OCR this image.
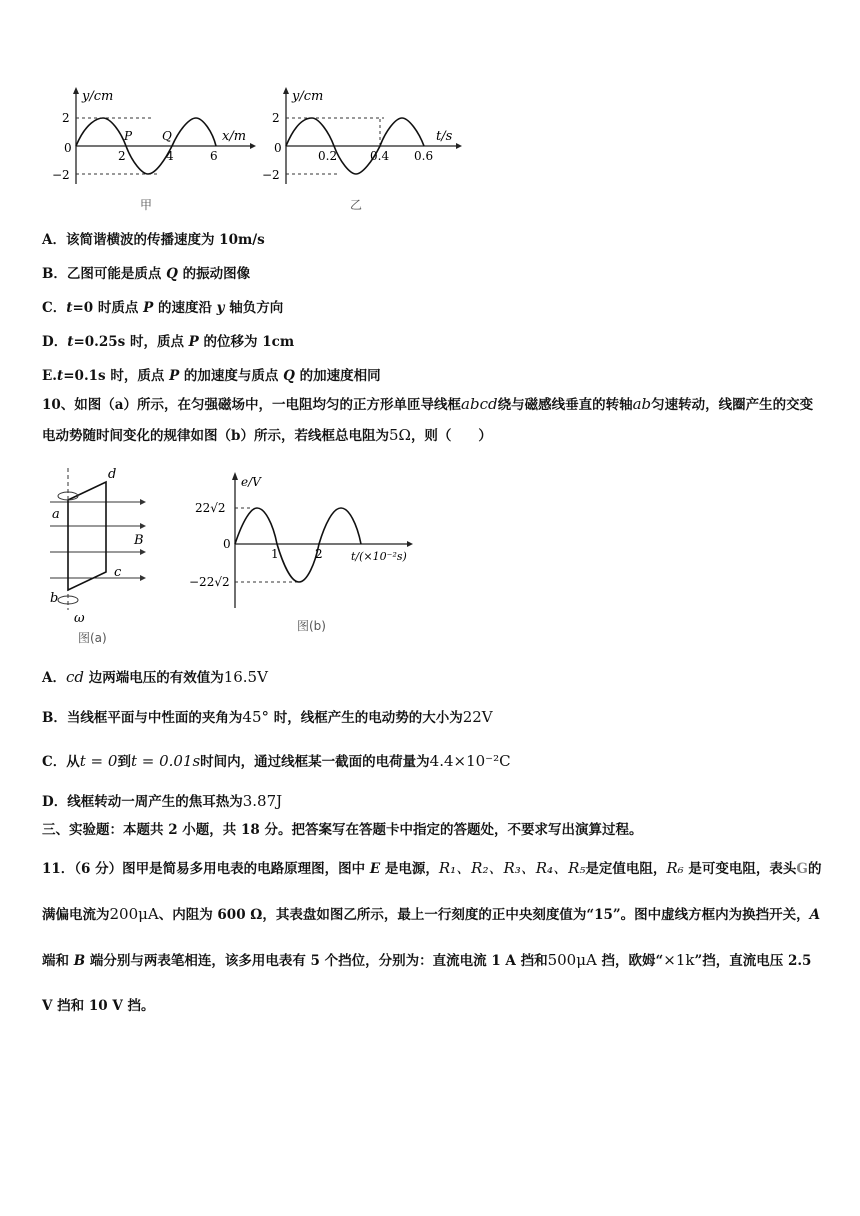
y/cm
x/m
2
0
−2
2	4	6
P Q
甲
y/cm
t/s
2
0
−2
0.2	0.4 0.6
乙
A．该简谐横波的传播速度为 10m/s
B．乙图可能是质点 Q 的振动图像
C．t=0 时质点 P 的速度沿 y 轴负方向
D．t=0.25s 时，质点 P 的位移为 1cm
E.t=0.1s 时，质点 P 的加速度与质点 Q 的加速度相同
10、如图（a）所示，在匀强磁场中，一电阻均匀的正方形单匝导线框abcd绕与磁感线垂直的转轴ab匀速转动，线圈产生的交变电动势随时间变化的规律如图（b）所示，若线框总电阻为5Ω，则（　　）
a
b
c
d
B
ω
图(a)
e/V
22√2
0
−22√2
1	2	t/(×10⁻²s)
图(b)
A．cd 边两端电压的有效值为16.5V
B．当线框平面与中性面的夹角为45° 时，线框产生的电动势的大小为22V
C．从t = 0到t = 0.01s时间内，通过线框某一截面的电荷量为4.4×10⁻²C
D．线框转动一周产生的焦耳热为3.87J
三、实验题：本题共 2 小题，共 18 分。把答案写在答题卡中指定的答题处，不要求写出演算过程。
11．（6 分）图甲是简易多用电表的电路原理图，图中 E 是电源，R₁、R₂、R₃、R₄、R₅是定值电阻，R₆ 是可变电阻，表头G的满偏电流为200μA、内阻为 600 Ω，其表盘如图乙所示，最上一行刻度的正中央刻度值为“15”。图中虚线方框内为换挡开关，A 端和 B 端分别与两表笔相连，该多用电表有 5 个挡位，分别为：直流电流 1 A 挡和500μA 挡，欧姆“×1k”挡，直流电压 2.5 V 挡和 10 V 挡。
